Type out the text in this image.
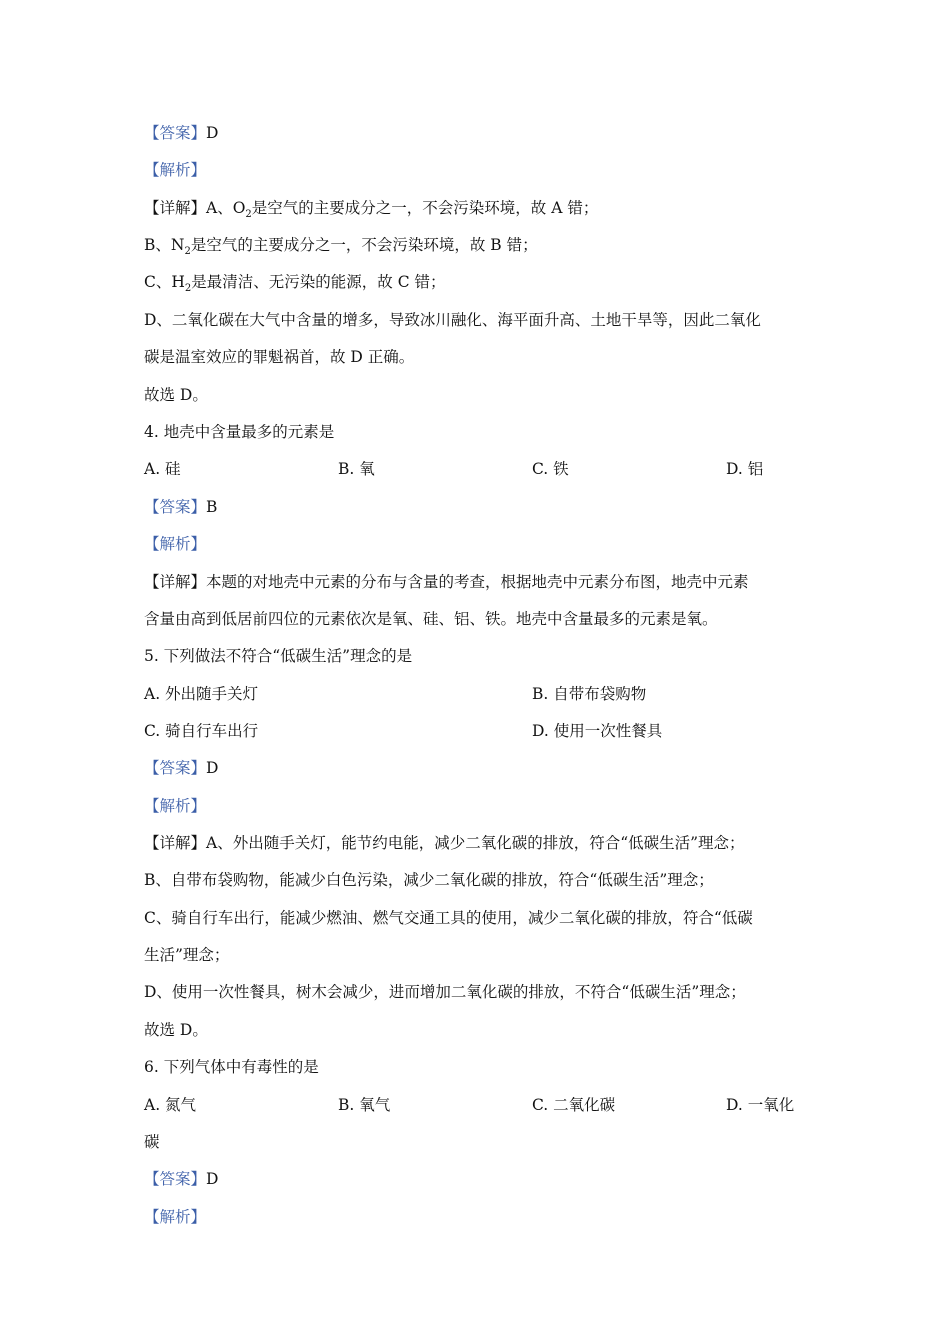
【答案】D
【解析】
【详解】A、$O_2$是空气的主要成分之一，不会污染环境，故 A 错；
B、$N_2$是空气的主要成分之一，不会污染环境，故 B 错；
C、$H_2$是最清洁、无污染的能源，故 C 错；
D、二氧化碳在大气中含量的增多，导致冰川融化、海平面升高、土地干旱等，因此二氧化
碳是温室效应的罪魁祸首，故 D 正确。
故选 D。
4. 地壳中含量最多的元素是
A. 硅	B. 氧	C. 铁	D. 铝
【答案】B
【解析】
【详解】本题的对地壳中元素的分布与含量的考查，根据地壳中元素分布图，地壳中元素
含量由高到低居前四位的元素依次是氧、硅、铝、铁。地壳中含量最多的元素是氧。
5. 下列做法不符合“低碳生活”理念的是
A. 外出随手关灯	B. 自带布袋购物
C. 骑自行车出行	D. 使用一次性餐具
【答案】D
【解析】
【详解】A、外出随手关灯，能节约电能，减少二氧化碳的排放，符合“低碳生活”理念；
B、自带布袋购物，能减少白色污染，减少二氧化碳的排放，符合“低碳生活”理念；
C、骑自行车出行，能减少燃油、燃气交通工具的使用，减少二氧化碳的排放，符合“低碳
生活”理念；
D、使用一次性餐具，树木会减少，进而增加二氧化碳的排放，不符合“低碳生活”理念；
故选 D。
6. 下列气体中有毒性的是
A. 氮气	B. 氧气	C. 二氧化碳	D. 一氧化
碳
【答案】D
【解析】
